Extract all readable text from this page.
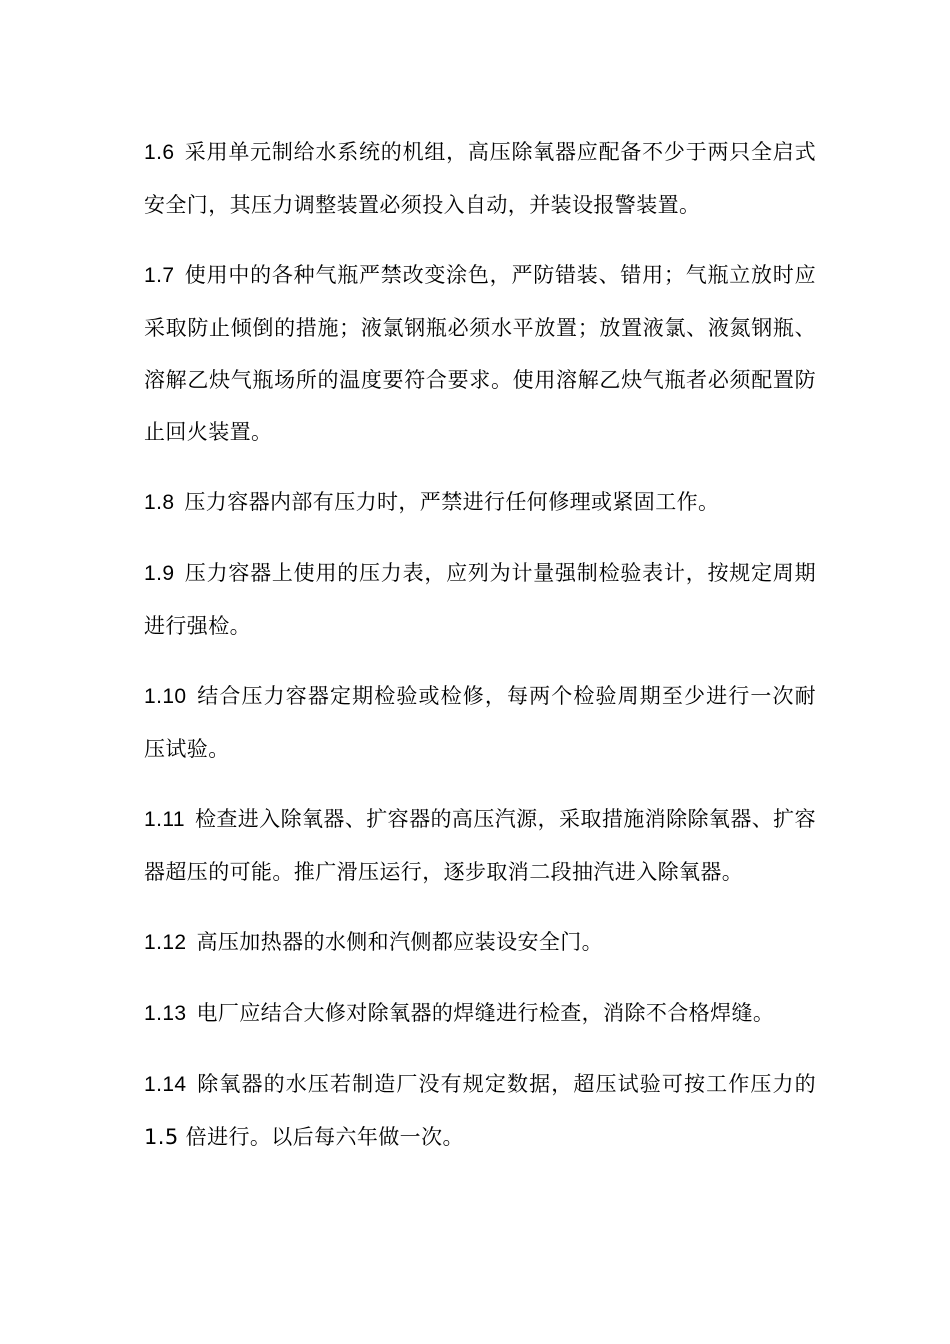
1.6 采用单元制给水系统的机组，高压除氧器应配备不少于两只全启式安全门，其压力调整装置必须投入自动，并装设报警装置。

1.7 使用中的各种气瓶严禁改变涂色，严防错装、错用；气瓶立放时应采取防止倾倒的措施；液氯钢瓶必须水平放置；放置液氯、液氮钢瓶、溶解乙炔气瓶场所的温度要符合要求。使用溶解乙炔气瓶者必须配置防止回火装置。

1.8 压力容器内部有压力时，严禁进行任何修理或紧固工作。

1.9 压力容器上使用的压力表，应列为计量强制检验表计，按规定周期进行强检。

1.10 结合压力容器定期检验或检修，每两个检验周期至少进行一次耐压试验。

1.11 检查进入除氧器、扩容器的高压汽源，采取措施消除除氧器、扩容器超压的可能。推广滑压运行，逐步取消二段抽汽进入除氧器。

1.12 高压加热器的水侧和汽侧都应装设安全门。

1.13 电厂应结合大修对除氧器的焊缝进行检查，消除不合格焊缝。

1.14 除氧器的水压若制造厂没有规定数据，超压试验可按工作压力的 1.5 倍进行。以后每六年做一次。
